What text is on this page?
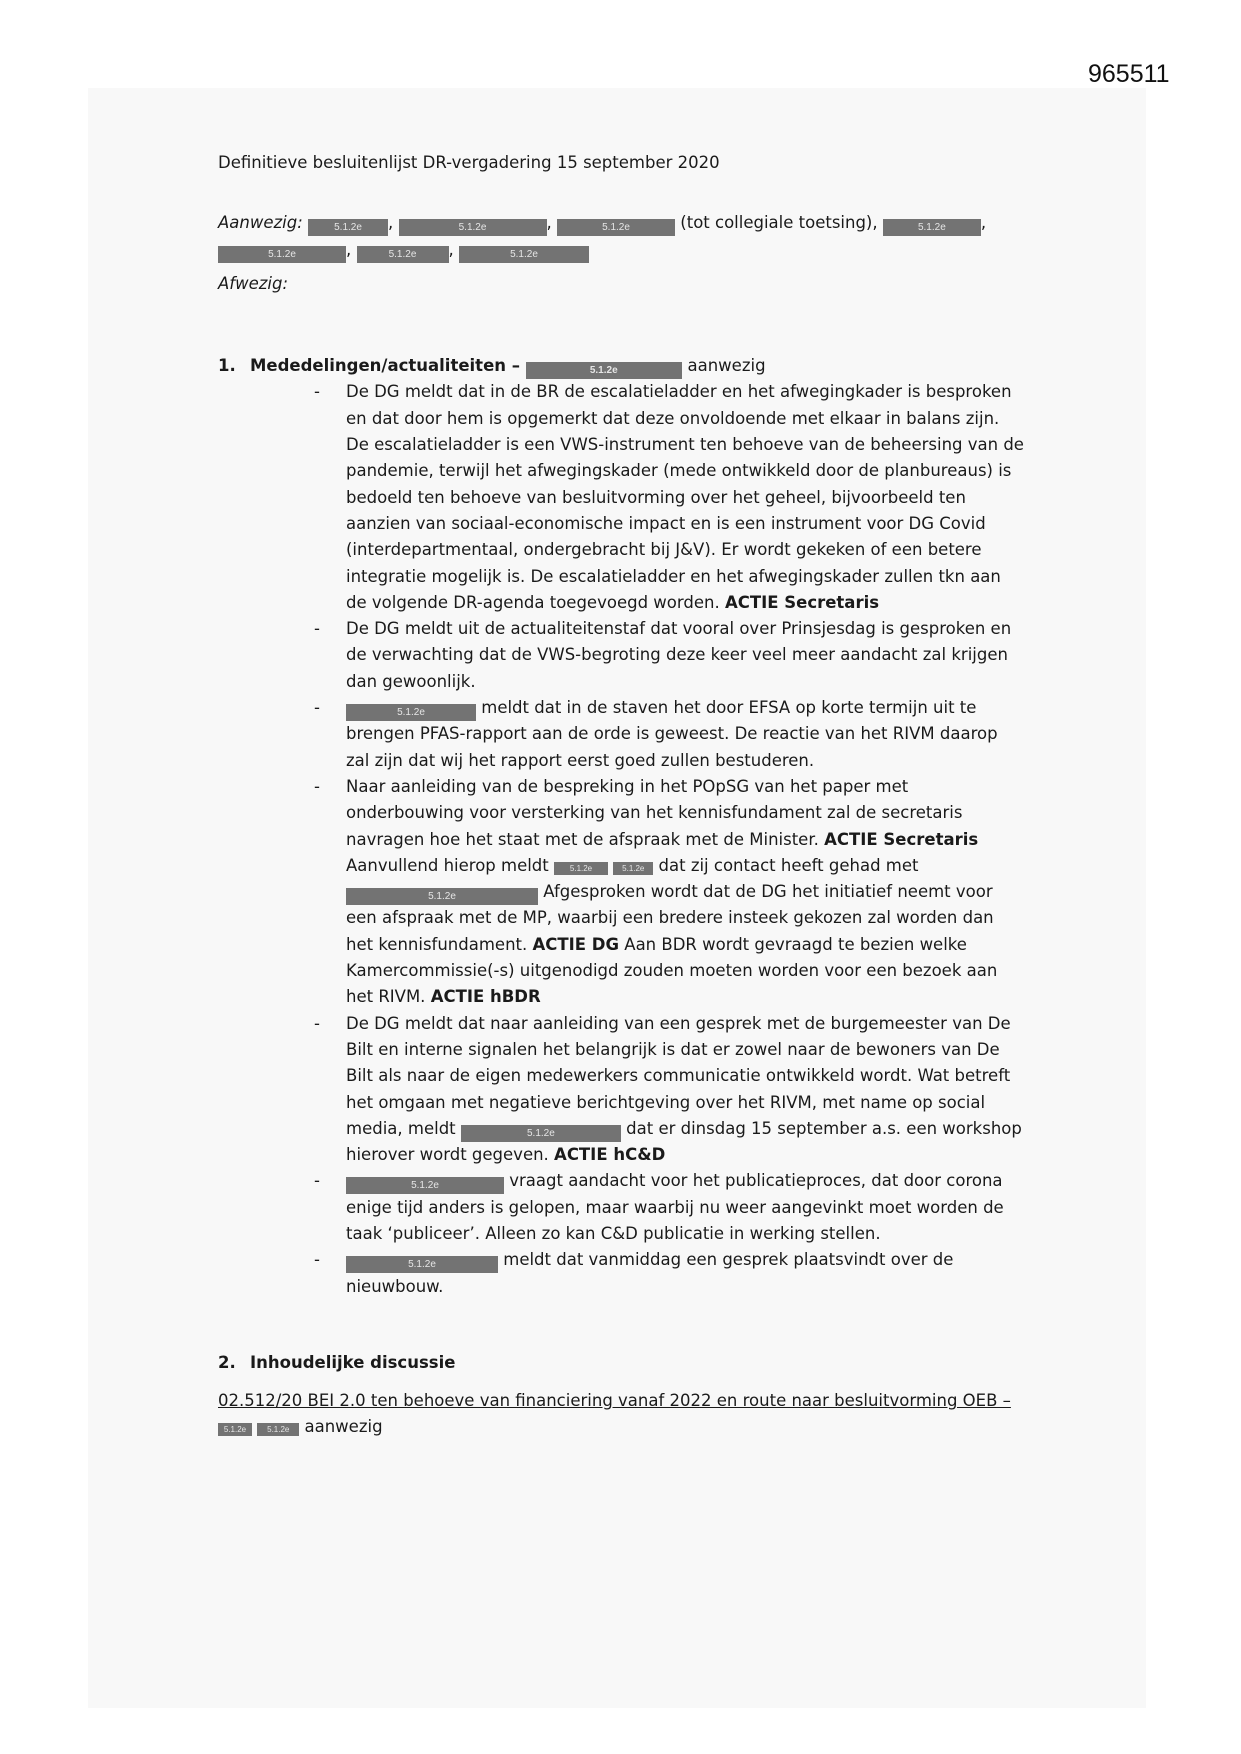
965511

Definitieve besluitenlijst DR-vergadering 15 september 2020

Aanwezig:	5.1.2e ,	5.1.2e	,	5.1.2e	(tot collegiale toetsing),	5.1.2e , 5.1.2e	,	5.1.2e ,	5.1.2e

Afwezig:

1. Mededelingen/actualiteiten –	5.1.2e	aanwezig

- De DG meldt dat in de BR de escalatieladder en het afwegingkader is besproken en dat door hem is opgemerkt dat deze onvoldoende met elkaar in balans zijn. De escalatieladder is een VWS-instrument ten behoeve van de beheersing van de pandemie, terwijl het afwegingskader (mede ontwikkeld door de planbureaus) is bedoeld ten behoeve van besluitvorming over het geheel, bijvoorbeeld ten aanzien van sociaal-economische impact en is een instrument voor DG Covid (interdepartmentaal, ondergebracht bij J&V). Er wordt gekeken of een betere integratie mogelijk is. De escalatieladder en het afwegingskader zullen tkn aan de volgende DR-agenda toegevoegd worden. ACTIE Secretaris
- De DG meldt uit de actualiteitenstaf dat vooral over Prinsjesdag is gesproken en de verwachting dat de VWS-begroting deze keer veel meer aandacht zal krijgen dan gewoonlijk.
- 5.1.2e	meldt dat in de staven het door EFSA op korte termijn uit te brengen PFAS-rapport aan de orde is geweest. De reactie van het RIVM daarop zal zijn dat wij het rapport eerst goed zullen bestuderen.
- Naar aanleiding van de bespreking in het POpSG van het paper met onderbouwing voor versterking van het kennisfundament zal de secretaris navragen hoe het staat met de afspraak met de Minister. ACTIE Secretaris Aanvullend hierop meldt	5.1.2e	5.1.2e dat zij contact heeft gehad met 5.1.2e	Afgesproken wordt dat de DG het initiatief neemt voor een afspraak met de MP, waarbij een bredere insteek gekozen zal worden dan het kennisfundament. ACTIE DG Aan BDR wordt gevraagd te bezien welke Kamercommissie(-s) uitgenodigd zouden moeten worden voor een bezoek aan het RIVM. ACTIE hBDR
- De DG meldt dat naar aanleiding van een gesprek met de burgemeester van De Bilt en interne signalen het belangrijk is dat er zowel naar de bewoners van De Bilt als naar de eigen medewerkers communicatie ontwikkeld wordt. Wat betreft het omgaan met negatieve berichtgeving over het RIVM, met name op social media, meldt	5.1.2e	dat er dinsdag 15 september a.s. een workshop hierover wordt gegeven. ACTIE hC&D
- 5.1.2e	vraagt aandacht voor het publicatieproces, dat door corona enige tijd anders is gelopen, maar waarbij nu weer aangevinkt moet worden de taak ‘publiceer’. Alleen zo kan C&D publicatie in werking stellen.
- 5.1.2e	meldt dat vanmiddag een gesprek plaatsvindt over de nieuwbouw.

2. Inhoudelijke discussie

02.512/20 BEI 2.0 ten behoeve van financiering vanaf 2022 en route naar besluitvorming OEB – 5.1.2e	5.1.2e aanwezig
